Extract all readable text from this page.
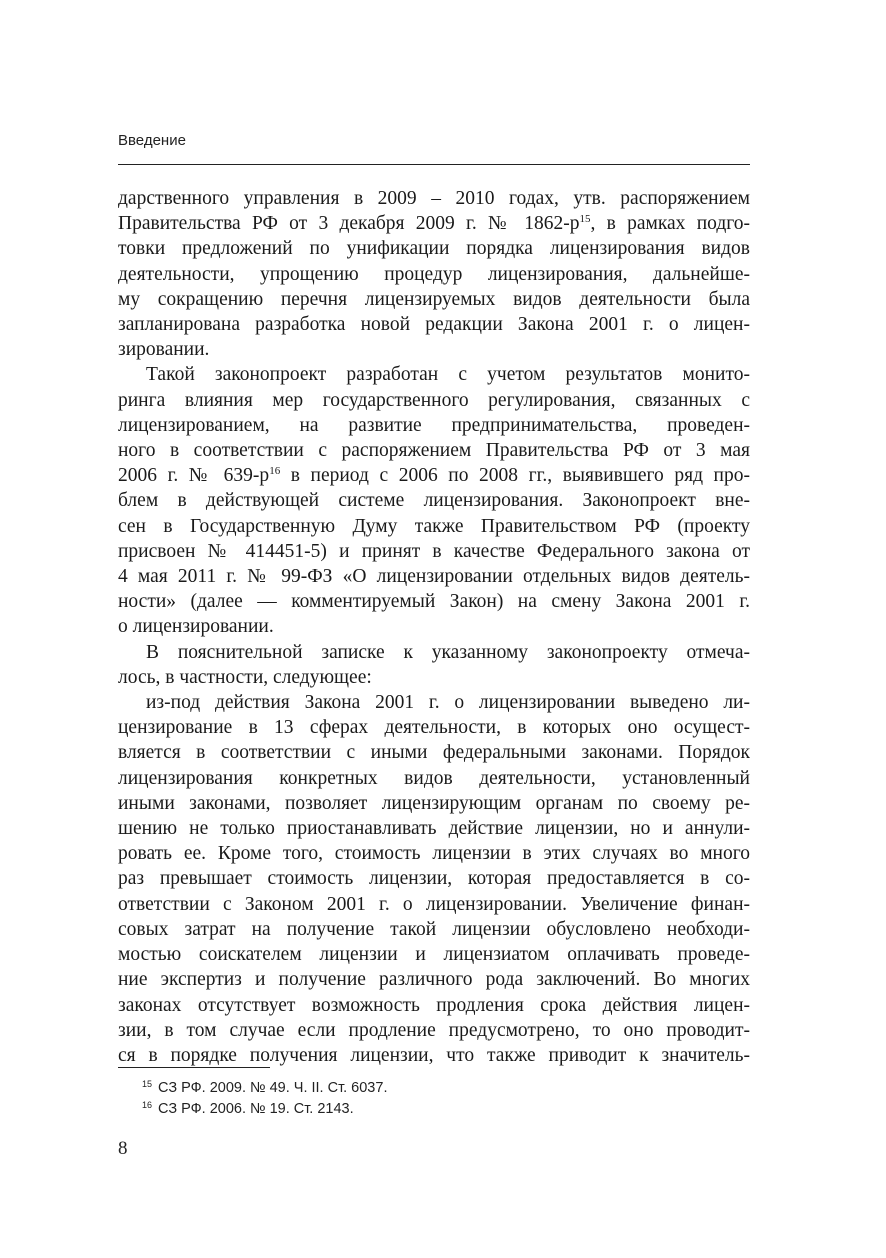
Введение
дарственного управления в 2009 – 2010 годах, утв. распоряжением
Правительства РФ от 3 декабря 2009 г. № $1862-р^{15}$, в рамках подго-
товки предложений по унификации порядка лицензирования видов
деятельности, упрощению процедур лицензирования, дальнейше-
му сокращению перечня лицензируемых видов деятельности была
запланирована разработка новой редакции Закона 2001 г. о лицен-
зировании.
Такой законопроект разработан с учетом результатов монито-
ринга влияния мер государственного регулирования, связанных с
лицензированием, на развитие предпринимательства, проведен-
ного в соответствии с распоряжением Правительства РФ от 3 мая
2006 г. № $639-р^{16}$ в период с 2006 по 2008 гг., выявившего ряд про-
блем в действующей системе лицензирования. Законопроект вне-
сен в Государственную Думу также Правительством РФ (проекту
присвоен № 414451-5) и принят в качестве Федерального закона от
4 мая 2011 г. № 99-ФЗ «О лицензировании отдельных видов деятель-
ности» (далее — комментируемый Закон) на смену Закона 2001 г.
о лицензировании.
В пояснительной записке к указанному законопроекту отмеча-
лось, в частности, следующее:
из-под действия Закона 2001 г. о лицензировании выведено ли-
цензирование в 13 сферах деятельности, в которых оно осущест-
вляется в соответствии с иными федеральными законами. Порядок
лицензирования конкретных видов деятельности, установленный
иными законами, позволяет лицензирующим органам по своему ре-
шению не только приостанавливать действие лицензии, но и аннули-
ровать ее. Кроме того, стоимость лицензии в этих случаях во много
раз превышает стоимость лицензии, которая предоставляется в со-
ответствии с Законом 2001 г. о лицензировании. Увеличение финан-
совых затрат на получение такой лицензии обусловлено необходи-
мостью соискателем лицензии и лицензиатом оплачивать проведе-
ние экспертиз и получение различного рода заключений. Во многих
законах отсутствует возможность продления срока действия лицен-
зии, в том случае если продление предусмотрено, то оно проводит-
ся в порядке получения лицензии, что также приводит к значитель-
$^{15}$ СЗ РФ. 2009. № 49. Ч. II. Ст. 6037.
$^{16}$ СЗ РФ. 2006. № 19. Ст. 2143.
8
